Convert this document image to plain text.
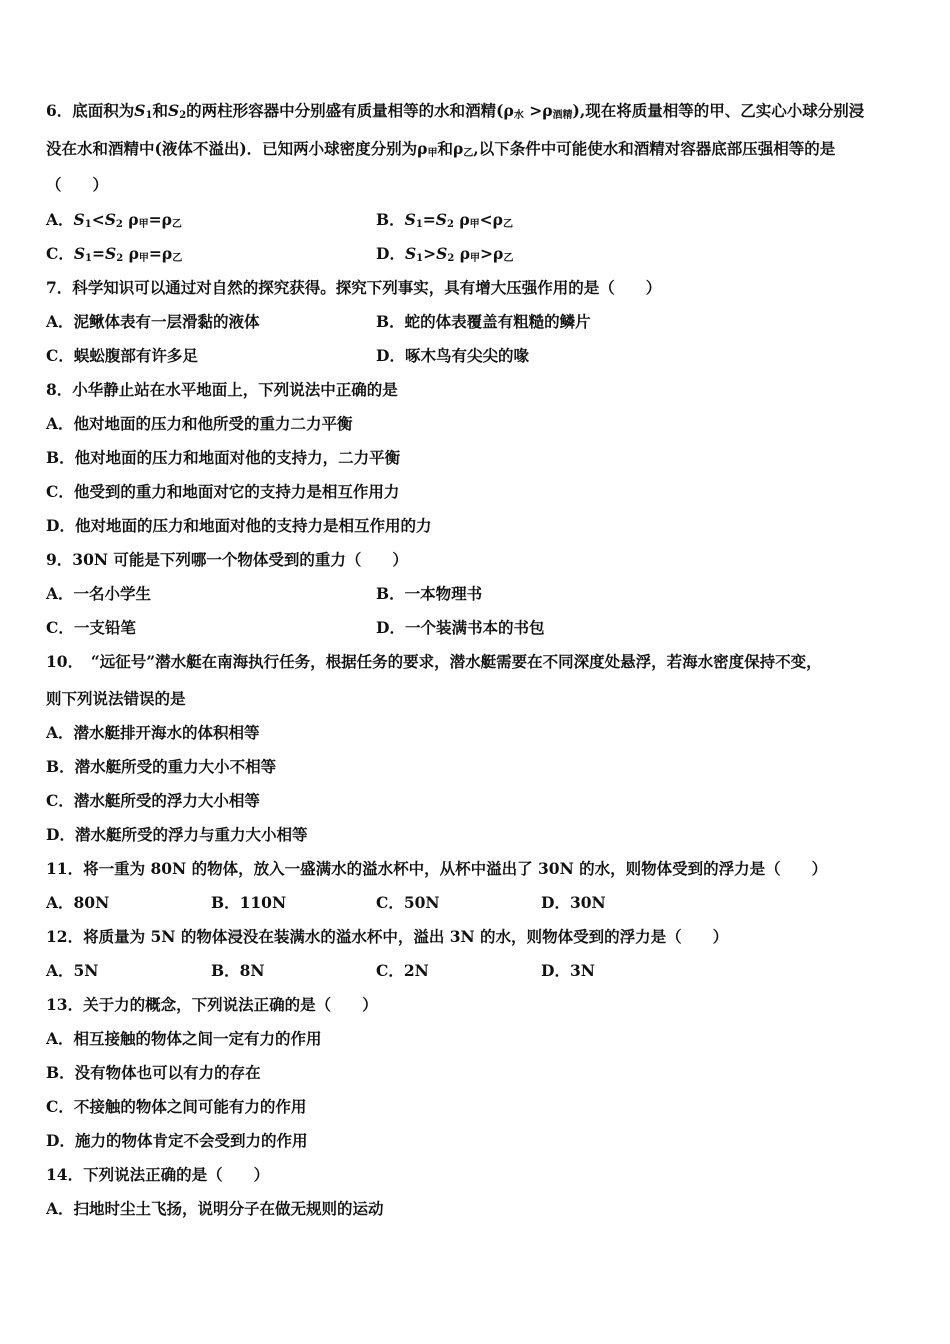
6．底面积为$S_1$和$S_2$的两柱形容器中分别盛有质量相等的水和酒精$(\rho_水 >\rho_{酒精})$,现在将质量相等的甲、乙实心小球分别浸
没在水和酒精中(液体不溢出)．已知两小球密度分别为$\rho_甲$和$\rho_乙$,以下条件中可能使水和酒精对容器底部压强相等的是
（　　）
A．$S_1<S_2$ $\rho_甲=\rho_乙$	B．$S_1=S_2$ $\rho_甲<\rho_乙$
C．$S_1=S_2$ $\rho_甲=\rho_乙$	D．$S_1>S_2$ $\rho_甲>\rho_乙$
7．科学知识可以通过对自然的探究获得。探究下列事实，具有增大压强作用的是（　　）
A．泥鳅体表有一层滑黏的液体	B．蛇的体表覆盖有粗糙的鳞片
C．蜈蚣腹部有许多足	D．啄木鸟有尖尖的喙
8．小华静止站在水平地面上，下列说法中正确的是
A．他对地面的压力和他所受的重力二力平衡
B．他对地面的压力和地面对他的支持力，二力平衡
C．他受到的重力和地面对它的支持力是相互作用力
D．他对地面的压力和地面对他的支持力是相互作用的力
9．30N 可能是下列哪一个物体受到的重力（　　）
A．一名小学生	B．一本物理书
C．一支铅笔	D．一个装满书本的书包
10．　“远征号”潜水艇在南海执行任务，根据任务的要求，潜水艇需要在不同深度处悬浮，若海水密度保持不变，
则下列说法错误的是
A．潜水艇排开海水的体积相等
B．潜水艇所受的重力大小不相等
C．潜水艇所受的浮力大小相等
D．潜水艇所受的浮力与重力大小相等
11．将一重为 80N 的物体，放入一盛满水的溢水杯中，从杯中溢出了 30N 的水，则物体受到的浮力是（　　）
A．80N	B．110N	C．50N	D．30N
12．将质量为 5N 的物体浸没在装满水的溢水杯中，溢出 3N 的水，则物体受到的浮力是（　　）
A．5N	B．8N	C．2N	D．3N
13．关于力的概念，下列说法正确的是（　　）
A．相互接触的物体之间一定有力的作用
B．没有物体也可以有力的存在
C．不接触的物体之间可能有力的作用
D．施力的物体肯定不会受到力的作用
14．下列说法正确的是（　　）
A．扫地时尘土飞扬，说明分子在做无规则的运动
